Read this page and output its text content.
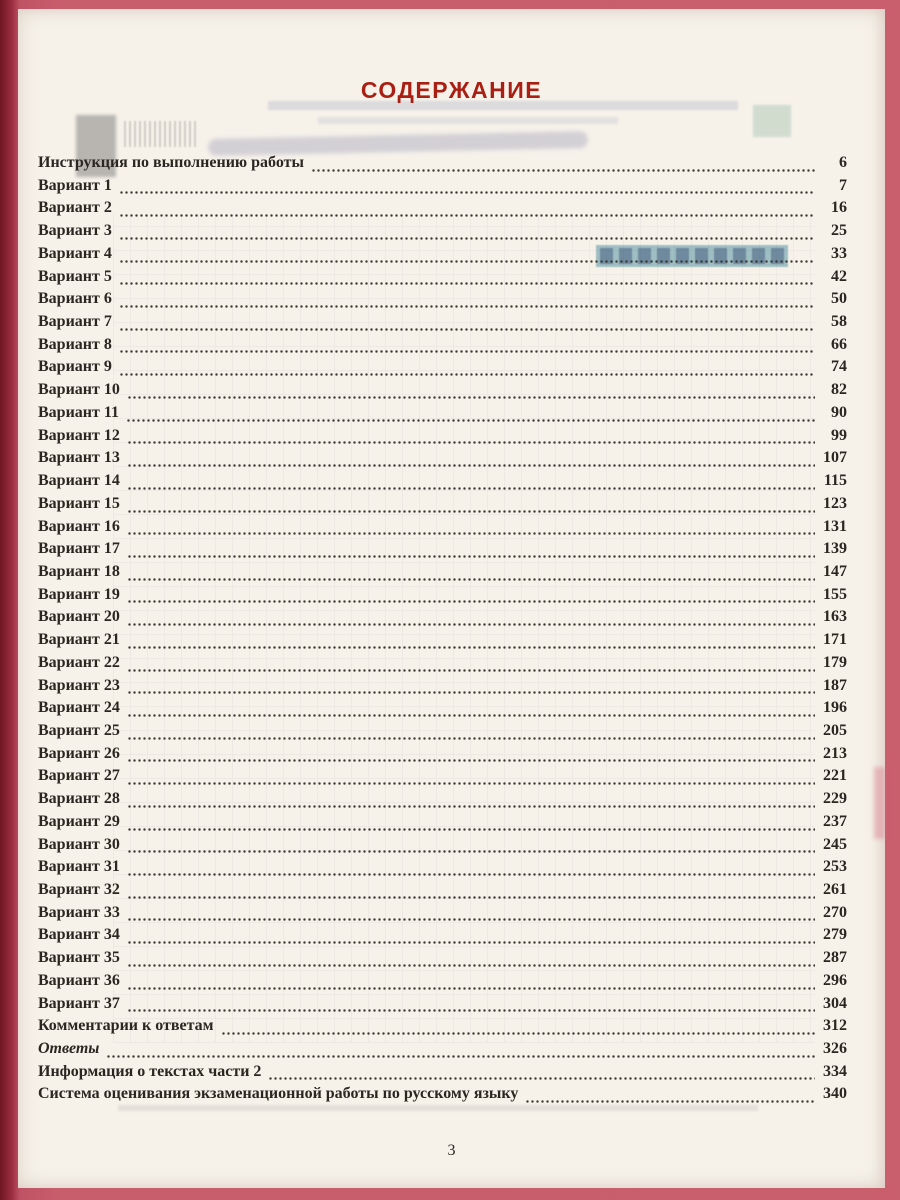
СОДЕРЖАНИЕ
Инструкция по выполнению работы	6
Вариант 1	7
Вариант 2	16
Вариант 3	25
Вариант 4	33
Вариант 5	42
Вариант 6	50
Вариант 7	58
Вариант 8	66
Вариант 9	74
Вариант 10	82
Вариант 11	90
Вариант 12	99
Вариант 13	107
Вариант 14	115
Вариант 15	123
Вариант 16	131
Вариант 17	139
Вариант 18	147
Вариант 19	155
Вариант 20	163
Вариант 21	171
Вариант 22	179
Вариант 23	187
Вариант 24	196
Вариант 25	205
Вариант 26	213
Вариант 27	221
Вариант 28	229
Вариант 29	237
Вариант 30	245
Вариант 31	253
Вариант 32	261
Вариант 33	270
Вариант 34	279
Вариант 35	287
Вариант 36	296
Вариант 37	304
Комментарии к ответам	312
Ответы	326
Информация о текстах части 2	334
Система оценивания экзаменационной работы по русскому языку	340
3
